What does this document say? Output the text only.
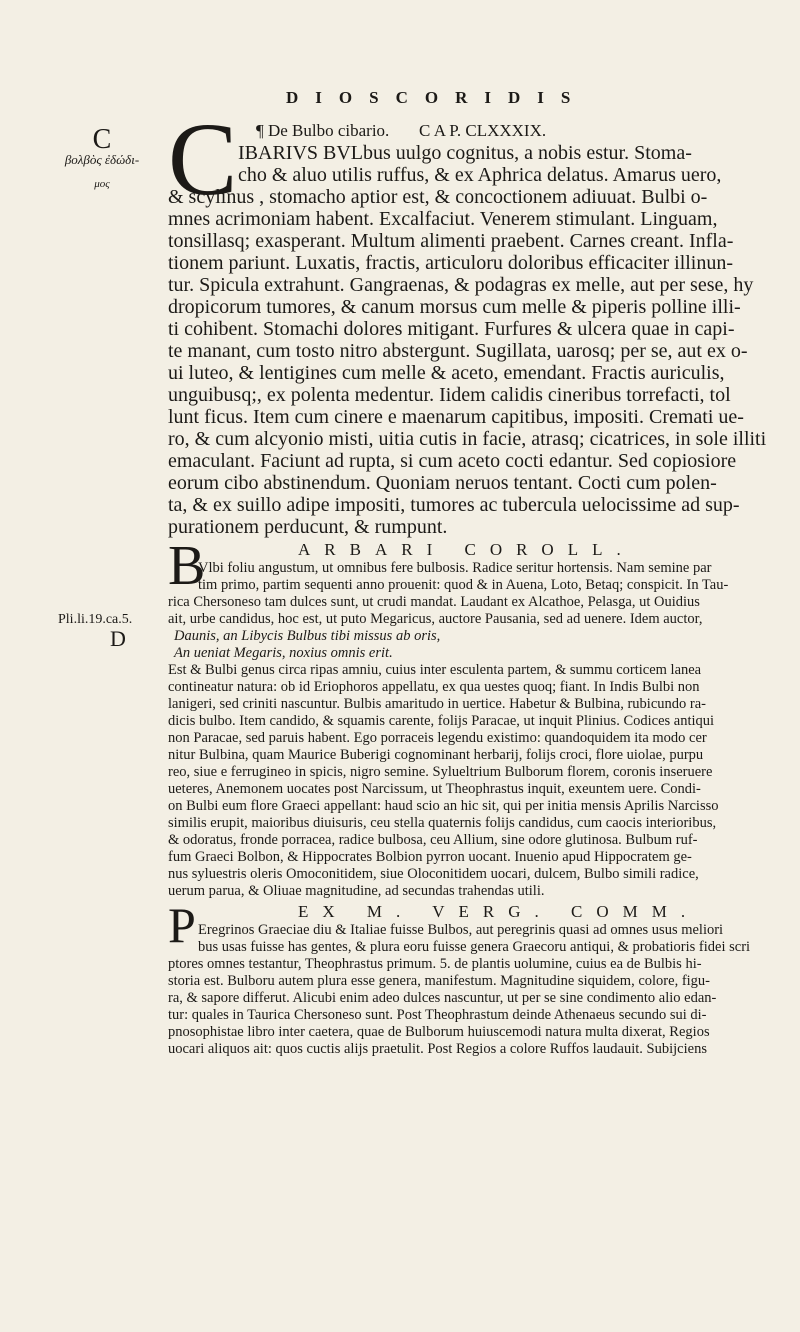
DIOSCORIDIS
C
βολβὸς ἐδώδι-
μος
Pli.li.19.ca.5.
D
C	¶ De Bulbo cibario. C A P. CLXXXIX.
IBARIVS BVLbus uulgo cognitus, a nobis estur. Stoma-
cho & aluo utilis ruffus, & ex Aphrica delatus. Amarus uero,
& scylinus , stomacho aptior est, & concoctionem adiuuat. Bulbi o-
mnes acrimoniam habent. Excalfaciut. Venerem stimulant. Linguam,
tonsillasq; exasperant. Multum alimenti praebent. Carnes creant. Infla-
tionem pariunt. Luxatis, fractis, articuloru doloribus efficaciter illinun-
tur. Spicula extrahunt. Gangraenas, & podagras ex melle, aut per sese, hy
dropicorum tumores, & canum morsus cum melle & piperis polline illi-
ti cohibent. Stomachi dolores mitigant. Furfures & ulcera quae in capi-
te manant, cum tosto nitro abstergunt. Sugillata, uarosq; per se, aut ex o-
ui luteo, & lentigines cum melle & aceto, emendant. Fractis auriculis,
unguibusq;, ex polenta medentur. Iidem calidis cineribus torrefacti, tol
lunt ficus. Item cum cinere e maenarum capitibus, impositi. Cremati ue-
ro, & cum alcyonio misti, uitia cutis in facie, atrasq; cicatrices, in sole illiti
emaculant. Faciunt ad rupta, si cum aceto cocti edantur. Sed copiosiore
eorum cibo abstinendum. Quoniam neruos tentant. Cocti cum polen-
ta, & ex suillo adipe impositi, tumores ac tubercula uelocissime ad sup-
purationem perducunt, & rumpunt.
B	ARBARI COROLL.
Vlbi foliu angustum, ut omnibus fere bulbosis. Radice seritur hortensis. Nam semine par
tim primo, partim sequenti anno prouenit: quod & in Auena, Loto, Betaq; conspicit. In Tau-
rica Chersoneso tam dulces sunt, ut crudi mandat. Laudant ex Alcathoe, Pelasga, ut Ouidius
ait, urbe candidus, hoc est, ut puto Megaricus, auctore Pausania, sed ad uenere. Idem auctor,
Daunis, an Libycis Bulbus tibi missus ab oris,
An ueniat Megaris, noxius omnis erit.
Est & Bulbi genus circa ripas amniu, cuius inter esculenta partem, & summu corticem lanea
contineatur natura: ob id Eriophoros appellatu, ex qua uestes quoq; fiant. In Indis Bulbi non
lanigeri, sed criniti nascuntur. Bulbis amaritudo in uertice. Habetur & Bulbina, rubicundo ra-
dicis bulbo. Item candido, & squamis carente, folijs Paracae, ut inquit Plinius. Codices antiqui
non Paracae, sed paruis habent. Ego porraceis legendu existimo: quandoquidem ita modo cer
nitur Bulbina, quam Maurice Buberigi cognominant herbarij, folijs croci, flore uiolae, purpu
reo, siue e ferrugineo in spicis, nigro semine. Sylueltrium Bulborum florem, coronis inseruere
ueteres, Anemonem uocates post Narcissum, ut Theophrastus inquit, exeuntem uere. Condi-
on Bulbi eum flore Graeci appellant: haud scio an hic sit, qui per initia mensis Aprilis Narcisso
similis erupit, maioribus diuisuris, ceu stella quaternis folijs candidus, cum caocis interioribus,
& odoratus, fronde porracea, radice bulbosa, ceu Allium, sine odore glutinosa. Bulbum ruf-
fum Graeci Bolbon, & Hippocrates Bolbion pyrron uocant. Inuenio apud Hippocratem ge-
nus syluestris oleris Omoconitidem, siue Oloconitidem uocari, dulcem, Bulbo simili radice,
uerum parua, & Oliuae magnitudine, ad secundas trahendas utili.
P	EX M. VERG. COMM.
Eregrinos Graeciae diu & Italiae fuisse Bulbos, aut peregrinis quasi ad omnes usus meliori
bus usas fuisse has gentes, & plura eoru fuisse genera Graecoru antiqui, & probatioris fidei scri
ptores omnes testantur, Theophrastus primum. 5. de plantis uolumine, cuius ea de Bulbis hi-
storia est. Bulboru autem plura esse genera, manifestum. Magnitudine siquidem, colore, figu-
ra, & sapore differut. Alicubi enim adeo dulces nascuntur, ut per se sine condimento alio edan-
tur: quales in Taurica Chersoneso sunt. Post Theophrastum deinde Athenaeus secundo sui di-
pnosophistae libro inter caetera, quae de Bulborum huiuscemodi natura multa dixerat, Regios
uocari aliquos ait: quos cuctis alijs praetulit. Post Regios a colore Ruffos laudauit. Subijciens
